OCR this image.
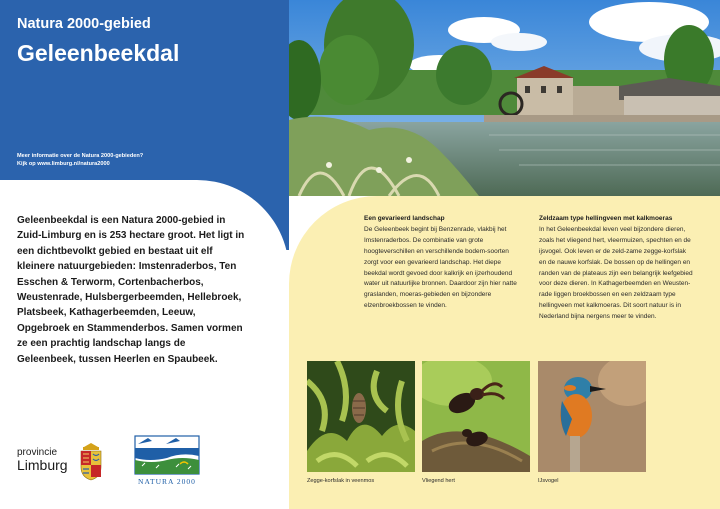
Natura 2000-gebied
Geleenbeekdal
Meer informatie over de Natura 2000-gebieden?
Kijk op www.limburg.nl/natura2000
Geleenbeekdal is een Natura 2000-gebied in Zuid-Limburg en is 253 hectare groot. Het ligt in een dichtbevolkt gebied en bestaat uit elf kleinere natuurgebieden: Imstenraderbos, Ten Esschen & Terworm, Cortenbacherbos, Weustenrade, Hulsbergerbeemden, Hellebroek, Platsbeek, Kathagerbeemden, Leeuw, Opgebroek en Stammenderbos. Samen vormen ze een prachtig landschap langs de Geleenbeek, tussen Heerlen en Spaubeek.
provincie
Limburg
NATURA 2000
Een gevarieerd landschap

De Geleenbeek begint bij Benzenrade, vlakbij het Imstenraderbos. De combinatie van grote hoogteverschillen en verschillende bodem-soorten zorgt voor een gevarieerd landschap. Het diepe beekdal wordt gevoed door kalkrijk en ijzerhoudend water uit natuurlijke bronnen. Daardoor zijn hier natte graslanden, moeras-gebieden en bijzondere elzenbroekbossen te vinden.

Zeldzaam type hellingveen met kalkmoeras

In het Geleenbeekdal leven veel bijzondere dieren, zoals het vliegend hert, vleermuizen, spechten en de ijsvogel. Ook leven er de zeld-zame zegge-korfslak en de nauwe korfslak. De bossen op de hellingen en randen van de plateaus zijn een belangrijk leefgebied voor deze dieren. In Kathagerbeemden en Weusten-rade liggen broekbossen en een zeldzaam type hellingveen met kalkmoeras. Dit soort natuur is in Nederland bijna nergens meer te vinden.

Zegge-korfslak in veenmos	Vliegend hert	IJsvogel
